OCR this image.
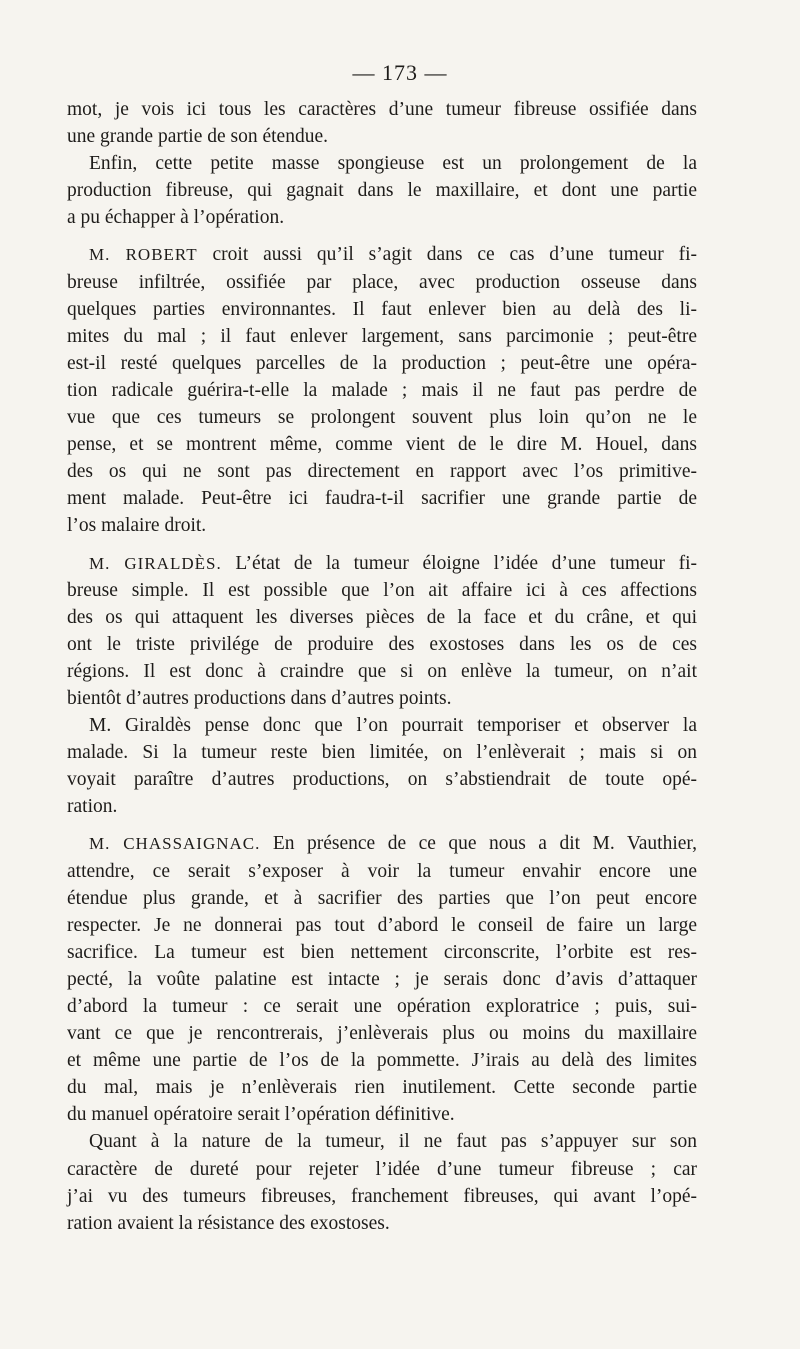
— 173 —
mot, je vois ici tous les caractères d’une tumeur fibreuse ossifiée dans
une grande partie de son étendue.
Enfin, cette petite masse spongieuse est un prolongement de la
production fibreuse, qui gagnait dans le maxillaire, et dont une partie
a pu échapper à l’opération.
M. ROBERT croit aussi qu’il s’agit dans ce cas d’une tumeur fi-
breuse infiltrée, ossifiée par place, avec production osseuse dans
quelques parties environnantes. Il faut enlever bien au delà des li-
mites du mal ; il faut enlever largement, sans parcimonie ; peut-être
est-il resté quelques parcelles de la production ; peut-être une opéra-
tion radicale guérira-t-elle la malade ; mais il ne faut pas perdre de
vue que ces tumeurs se prolongent souvent plus loin qu’on ne le
pense, et se montrent même, comme vient de le dire M. Houel, dans
des os qui ne sont pas directement en rapport avec l’os primitive-
ment malade. Peut-être ici faudra-t-il sacrifier une grande partie de
l’os malaire droit.
M. GIRALDÈS. L’état de la tumeur éloigne l’idée d’une tumeur fi-
breuse simple. Il est possible que l’on ait affaire ici à ces affections
des os qui attaquent les diverses pièces de la face et du crâne, et qui
ont le triste privilége de produire des exostoses dans les os de ces
régions. Il est donc à craindre que si on enlève la tumeur, on n’ait
bientôt d’autres productions dans d’autres points.
M. Giraldès pense donc que l’on pourrait temporiser et observer la
malade. Si la tumeur reste bien limitée, on l’enlèverait ; mais si on
voyait paraître d’autres productions, on s’abstiendrait de toute opé-
ration.
M. CHASSAIGNAC. En présence de ce que nous a dit M. Vauthier,
attendre, ce serait s’exposer à voir la tumeur envahir encore une
étendue plus grande, et à sacrifier des parties que l’on peut encore
respecter. Je ne donnerai pas tout d’abord le conseil de faire un large
sacrifice. La tumeur est bien nettement circonscrite, l’orbite est res-
pecté, la voûte palatine est intacte ; je serais donc d’avis d’attaquer
d’abord la tumeur : ce serait une opération exploratrice ; puis, sui-
vant ce que je rencontrerais, j’enlèverais plus ou moins du maxillaire
et même une partie de l’os de la pommette. J’irais au delà des limites
du mal, mais je n’enlèverais rien inutilement. Cette seconde partie
du manuel opératoire serait l’opération définitive.
Quant à la nature de la tumeur, il ne faut pas s’appuyer sur son
caractère de dureté pour rejeter l’idée d’une tumeur fibreuse ; car
j’ai vu des tumeurs fibreuses, franchement fibreuses, qui avant l’opé-
ration avaient la résistance des exostoses.
